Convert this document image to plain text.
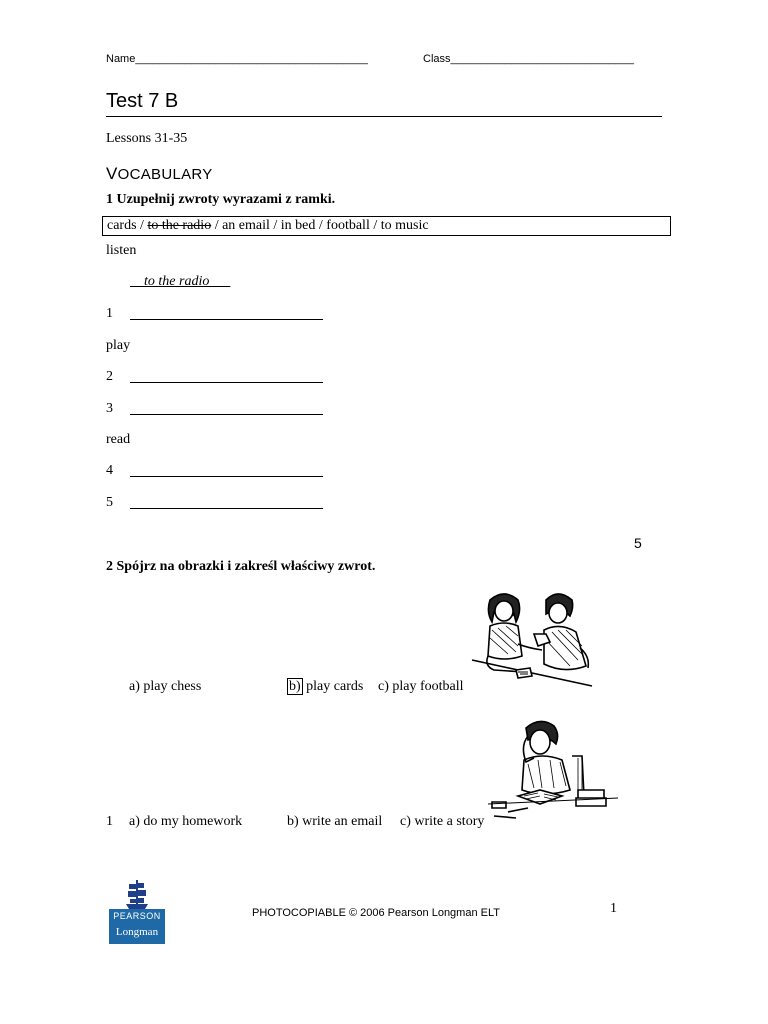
Name______________________________________	Class______________________________
Test 7 B
Lessons 31-35
VOCABULARY
1 Uzupełnij zwroty wyrazami z ramki.
cards / to the radio / an email / in bed / football / to music
listen
to the radio
1
play
2
3
read
4
5
5
2 Spójrz na obrazki i zakreśl właściwy zwrot.
a) play chess	b) play cards c) play football
1 a) do my homework	b) write an email c) write a story
PEARSON
Longman
PHOTOCOPIABLE © 2006 Pearson Longman ELT	1
